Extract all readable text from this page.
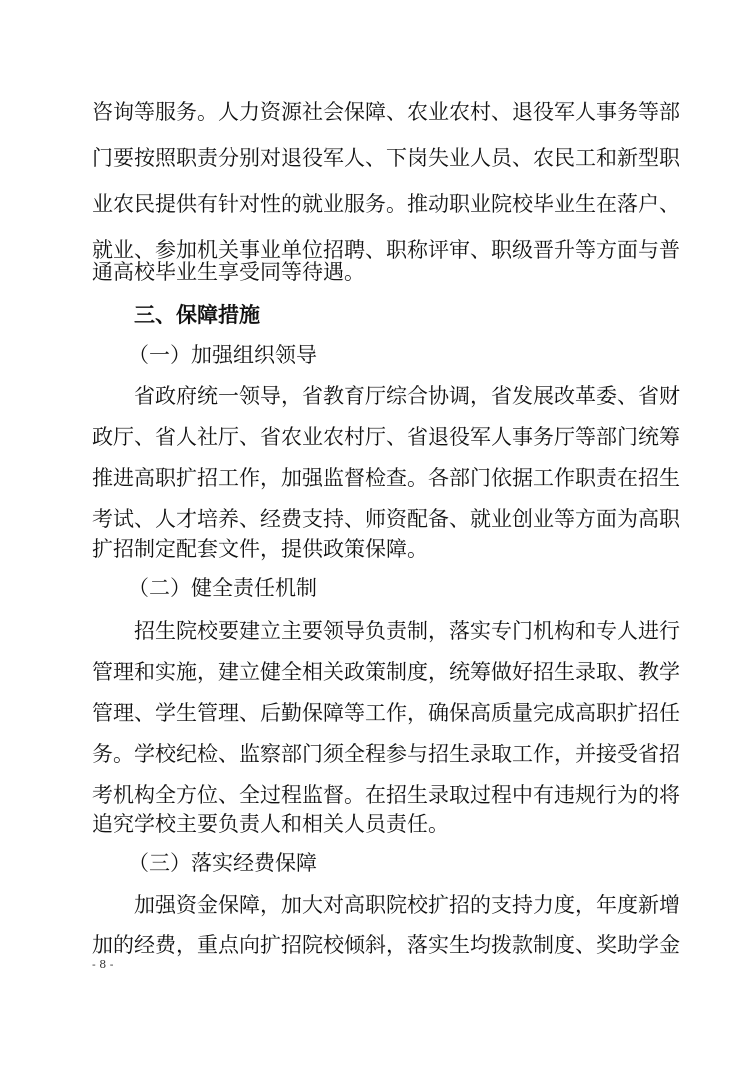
咨询等服务。人力资源社会保障、农业农村、退役军人事务等部
门要按照职责分别对退役军人、下岗失业人员、农民工和新型职
业农民提供有针对性的就业服务。推动职业院校毕业生在落户、
就业、参加机关事业单位招聘、职称评审、职级晋升等方面与普
通高校毕业生享受同等待遇。
三、保障措施
（一）加强组织领导
省政府统一领导，省教育厅综合协调，省发展改革委、省财
政厅、省人社厅、省农业农村厅、省退役军人事务厅等部门统筹
推进高职扩招工作，加强监督检查。各部门依据工作职责在招生
考试、人才培养、经费支持、师资配备、就业创业等方面为高职
扩招制定配套文件，提供政策保障。
（二）健全责任机制
招生院校要建立主要领导负责制，落实专门机构和专人进行
管理和实施，建立健全相关政策制度，统筹做好招生录取、教学
管理、学生管理、后勤保障等工作，确保高质量完成高职扩招任
务。学校纪检、监察部门须全程参与招生录取工作，并接受省招
考机构全方位、全过程监督。在招生录取过程中有违规行为的将
追究学校主要负责人和相关人员责任。
（三）落实经费保障
加强资金保障，加大对高职院校扩招的支持力度，年度新增
加的经费，重点向扩招院校倾斜，落实生均拨款制度、奖助学金
- 8 -
